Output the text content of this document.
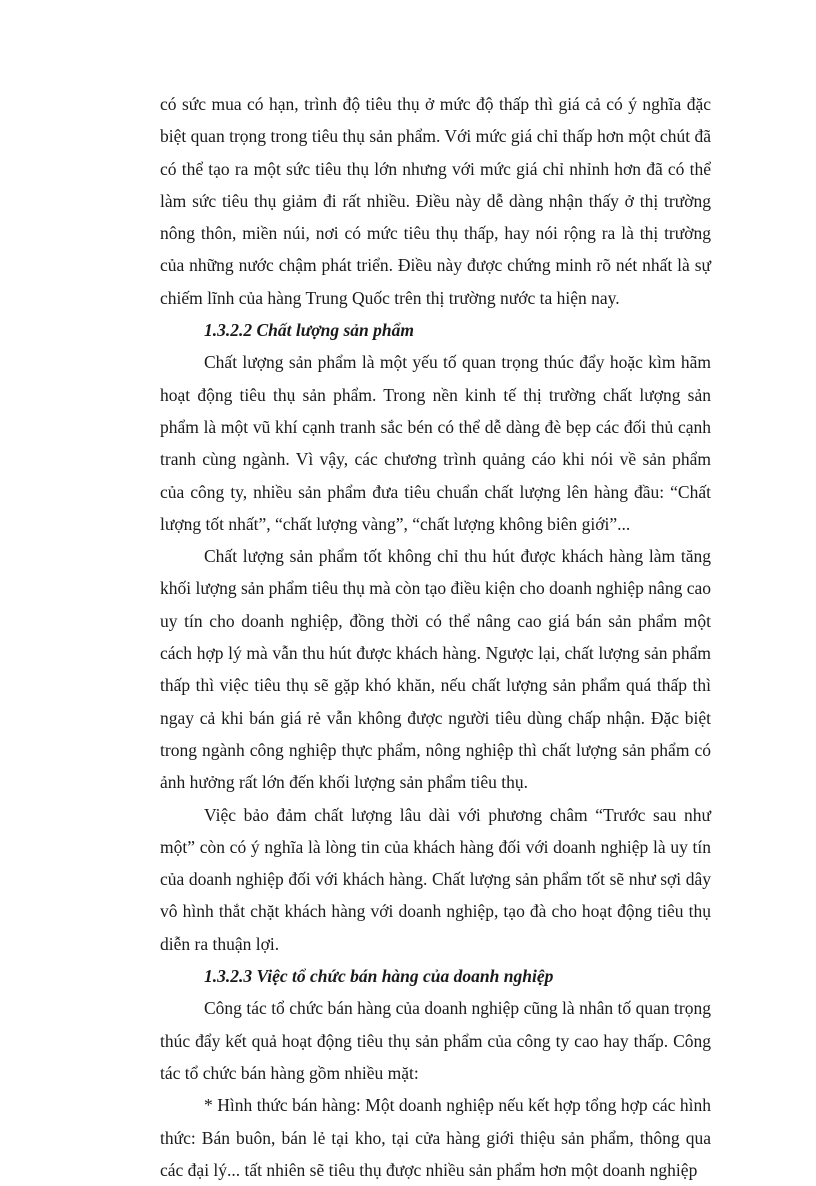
có sức mua có hạn, trình độ tiêu thụ ở mức độ thấp thì giá cả có ý nghĩa đặc biệt quan trọng trong tiêu thụ sản phẩm. Với mức giá chỉ thấp hơn một chút đã có thể tạo ra một sức tiêu thụ lớn nhưng với mức giá chỉ nhỉnh hơn đã có thể làm sức tiêu thụ giảm đi rất nhiều. Điều này dễ dàng nhận thấy ở thị trường nông thôn, miền núi, nơi có mức tiêu thụ thấp, hay nói rộng ra là thị trường của những nước chậm phát triển. Điều này được chứng minh rõ nét nhất là sự chiếm lĩnh của hàng Trung Quốc trên thị trường nước ta hiện nay.

1.3.2.2 Chất lượng sản phẩm

Chất lượng sản phẩm là một yếu tố quan trọng thúc đẩy hoặc kìm hãm hoạt động tiêu thụ sản phẩm. Trong nền kinh tế thị trường chất lượng sản phẩm là một vũ khí cạnh tranh sắc bén có thể dễ dàng đè bẹp các đối thủ cạnh tranh cùng ngành. Vì vậy, các chương trình quảng cáo khi nói về sản phẩm của công ty, nhiều sản phẩm đưa tiêu chuẩn chất lượng lên hàng đầu: “Chất lượng tốt nhất”, “chất lượng vàng”, “chất lượng không biên giới”...

Chất lượng sản phẩm tốt không chỉ thu hút được khách hàng làm tăng khối lượng sản phẩm tiêu thụ mà còn tạo điều kiện cho doanh nghiệp nâng cao uy tín cho doanh nghiệp, đồng thời có thể nâng cao giá bán sản phẩm một cách hợp lý mà vẫn thu hút được khách hàng. Ngược lại, chất lượng sản phẩm thấp thì việc tiêu thụ sẽ gặp khó khăn, nếu chất lượng sản phẩm quá thấp thì ngay cả khi bán giá rẻ vẫn không được người tiêu dùng chấp nhận. Đặc biệt trong ngành công nghiệp thực phẩm, nông nghiệp thì chất lượng sản phẩm có ảnh hưởng rất lớn đến khối lượng sản phẩm tiêu thụ.

Việc bảo đảm chất lượng lâu dài với phương châm “Trước sau như một” còn có ý nghĩa là lòng tin của khách hàng đối với doanh nghiệp là uy tín của doanh nghiệp đối với khách hàng. Chất lượng sản phẩm tốt sẽ như sợi dây vô hình thắt chặt khách hàng với doanh nghiệp, tạo đà cho hoạt động tiêu thụ diễn ra thuận lợi.

1.3.2.3 Việc tổ chức bán hàng của doanh nghiệp

Công tác tổ chức bán hàng của doanh nghiệp cũng là nhân tố quan trọng thúc đẩy kết quả hoạt động tiêu thụ sản phẩm của công ty cao hay thấp. Công tác tổ chức bán hàng gồm nhiều mặt:

* Hình thức bán hàng: Một doanh nghiệp nếu kết hợp tổng hợp các hình thức: Bán buôn, bán lẻ tại kho, tại cửa hàng giới thiệu sản phẩm, thông qua các đại lý... tất nhiên sẽ tiêu thụ được nhiều sản phẩm hơn một doanh nghiệp
